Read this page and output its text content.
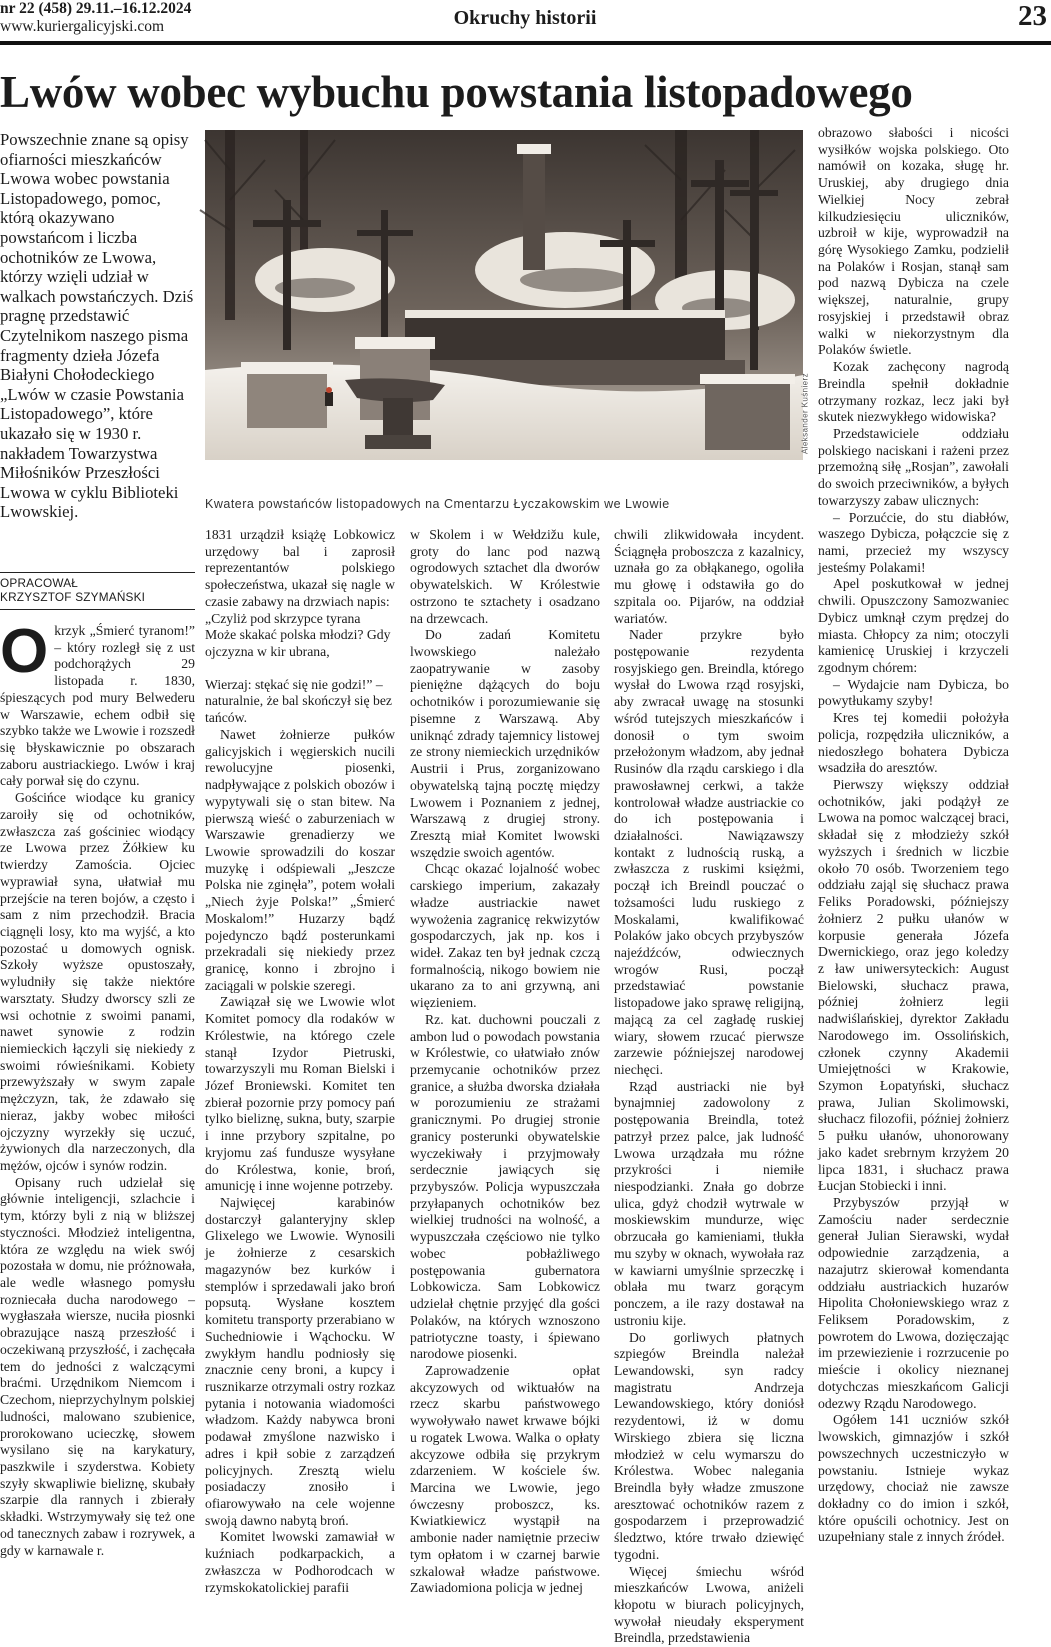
nr 22 (458) 29.11.–16.12.2024
www.kuriergalicyjski.com	Okruchy historii	23
Lwów wobec wybuchu powstania listopadowego
Powszechnie znane są opisy ofiarności mieszkańców Lwowa wobec powstania Listopadowego, pomoc, którą okazywano powstańcom i liczba ochotników ze Lwowa, którzy wzięli udział w walkach powstańczych. Dziś pragnę przedstawić Czytelnikom naszego pisma fragmenty dzieła Józefa Białyni Chołodeckiego „Lwów w czasie Powstania Listopadowego”, które ukazało się w 1930 r. nakładem Towarzystwa Miłośników Przeszłości Lwowa w cyklu Biblioteki Lwowskiej.
OPRACOWAŁ
KRZYSZTOF SZYMAŃSKI
Aleksander Kuśnierz
Kwatera powstańców listopadowych na Cmentarzu Łyczakowskim we Lwowie

Okrzyk „Śmierć tyranom!” – który rozległ się z ust podchorążych 29 listopada r. 1830, śpieszących pod mury Belwederu w Warszawie, echem odbił się szybko także we Lwowie i rozszedł się błyskawicznie po obszarach zaboru austriackiego. Lwów i kraj cały porwał się do czynu.

Gościńce wiodące ku granicy zaroiły się od ochotników, zwłaszcza zaś gościniec wiodący ze Lwowa przez Żółkiew ku twierdzy Zamościa. Ojciec wyprawiał syna, ułatwiał mu przejście na teren bojów, a często i sam z nim przechodził. Bracia ciągnęli losy, kto ma wyjść, a kto pozostać u domowych ognisk. Szkoły wyższe opustoszały, wyludniły się także niektóre warsztaty. Słudzy dworscy szli ze wsi ochotnie z swoimi panami, nawet synowie z rodzin niemieckich łączyli się niekiedy z swoimi rówieśnikami. Kobiety przewyższały w swym zapale mężczyzn, tak, że zdawało się nieraz, jakby wobec miłości ojczyzny wyrzekły się uczuć, żywionych dla narzeczonych, dla mężów, ojców i synów rodzin.

Opisany ruch udzielał się głównie inteligencji, szlachcie i tym, którzy byli z nią w bliższej styczności. Młodzież inteligentna, która ze względu na wiek swój pozostała w domu, nie próżnowała, ale wedle własnego pomysłu rozniecała ducha narodowego – wygłaszała wiersze, nuciła piosnki obrazujące naszą przeszłość i oczekiwaną przyszłość, i zachęcała tem do jedności z walczącymi braćmi. Urzędnikom Niemcom i Czechom, nieprzychylnym polskiej ludności, malowano szubienice, prorokowano ucieczkę, słowem wysilano się na karykatury, paszkwile i szyderstwa. Kobiety szyły skwapliwie bieliznę, skubały szarpie dla rannych i zbierały składki. Wstrzymywały się też one od tanecznych zabaw i rozrywek, a gdy w karnawale r.

1831 urządził książę Lobkowicz urzędowy bal i zaprosił reprezentantów polskiego społeczeństwa, ukazał się nagle w czasie zabawy na drzwiach napis:

„Czyliż pod skrzypce tyrana Może skakać polska młodzi? Gdy ojczyzna w kir ubrana,

Wierzaj: stękać się nie godzi!” – naturalnie, że bal skończył się bez tańców.

Nawet żołnierze pułków galicyjskich i węgierskich nucili rewolucyjne piosenki, nadpływające z polskich obozów i wypytywali się o stan bitew. Na pierwszą wieść o zaburzeniach w Warszawie grenadierzy we Lwowie sprowadzili do koszar muzykę i odśpiewali „Jeszcze Polska nie zginęła”, potem wołali „Niech żyje Polska!” „Śmierć Moskalom!” Huzarzy bądź pojedynczo bądź posterunkami przekradali się niekiedy przez granicę, konno i zbrojno i zaciągali w polskie szeregi.

Zawiązał się we Lwowie wlot Komitet pomocy dla rodaków w Królestwie, na którego czele stanął Izydor Pietruski, towarzyszyli mu Roman Bielski i Józef Broniewski. Komitet ten zbierał pozornie przy pomocy pań tylko bieliznę, sukna, buty, szarpie i inne przybory szpitalne, po kryjomu zaś fundusze wysyłane do Królestwa, konie, broń, amunicję i inne wojenne potrzeby.

Najwięcej karabinów dostarczył galanteryjny sklep Glixelego we Lwowie. Wynosili je żołnierze z cesarskich magazynów bez kurków i stemplów i sprzedawali jako broń popsutą. Wysłane kosztem komitetu transporty przerabiano w Suchedniowie i Wąchocku. W zwykłym handlu podniosły się znacznie ceny broni, a kupcy i rusznikarze otrzymali ostry rozkaz pytania i notowania wiadomości władzom. Każdy nabywca broni podawał zmyślone nazwisko i adres i kpił sobie z zarządzeń policyjnych. Zresztą wielu posiadaczy znosiło i ofiarowywało na cele wojenne swoją dawno nabytą broń.

Komitet lwowski zamawiał w kuźniach podkarpackich, a zwłaszcza w Podhorodcach w rzymskokatolickiej parafii

w Skolem i w Wełdzižu kule, groty do lanc pod nazwą ogrodowych sztachet dla dworów obywatelskich. W Królestwie ostrzono te sztachety i osadzano na drzewcach.

Do zadań Komitetu lwowskiego należało zaopatrywanie w zasoby pieniężne dążących do boju ochotników i porozumiewanie się pisemne z Warszawą. Aby uniknąć zdrady tajemnicy listowej ze strony niemieckich urzędników Austrii i Prus, zorganizowano obywatelską tajną pocztę między Lwowem i Poznaniem z jednej, Warszawą z drugiej strony. Zresztą miał Komitet lwowski wszędzie swoich agentów.

Chcąc okazać lojalność wobec carskiego imperium, zakazały władze austriackie nawet wywożenia zagranicę rekwizytów gospodarczych, jak np. kos i wideł. Zakaz ten był jednak czczą formalnością, nikogo bowiem nie ukarano za to ani grzywną, ani więzieniem.

Rz. kat. duchowni pouczali z ambon lud o powodach powstania w Królestwie, co ułatwiało znów przemycanie ochotników przez granice, a służba dworska działała w porozumieniu ze strażami granicznymi. Po drugiej stronie granicy posterunki obywatelskie wyczekiwały i przyjmowały serdecznie jawiących się przybyszów. Policja wypuszczała przyłapanych ochotników bez wielkiej trudności na wolność, a wypuszczała częściowo nie tylko wobec pobłażliwego postępowania gubernatora Lobkowicza. Sam Lobkowicz udzielał chętnie przyjęć dla gości Polaków, na których wznoszono patriotyczne toasty, i śpiewano narodowe piosenki.

Zaprowadzenie opłat akcyzowych od wiktuałów na rzecz skarbu państwowego wywoływało nawet krwawe bójki u rogatek Lwowa. Walka o opłaty akcyzowe odbiła się przykrym zdarzeniem. W kościele św. Marcina we Lwowie, jego ówczesny proboszcz, ks. Kwiatkiewicz wystąpił na ambonie nader namiętnie przeciw tym opłatom i w czarnej barwie szkalował władze państwowe. Zawiadomiona policja w jednej

chwili zlikwidowała incydent. Ściągnęła proboszcza z kazalnicy, uznała go za obłąkanego, ogoliła mu głowę i odstawiła go do szpitala oo. Pijarów, na oddział wariatów.

Nader przykre było postępowanie rezydenta rosyjskiego gen. Breindla, którego wysłał do Lwowa rząd rosyjski, aby zwracał uwagę na stosunki wśród tutejszych mieszkańców i donosił o tym swoim przełożonym władzom, aby jednał Rusinów dla rządu carskiego i dla prawosławnej cerkwi, a także kontrolował władze austriackie co do ich postępowania i działalności. Nawiązawszy kontakt z ludnością ruską, a zwłaszcza z ruskimi księżmi, począł ich Breindl pouczać o tożsamości ludu ruskiego z Moskalami, kwalifikować Polaków jako obcych przybyszów najeźdźców, odwiecznych wrogów Rusi, począł przedstawiać powstanie listopadowe jako sprawę religijną, mającą za cel zagładę ruskiej wiary, słowem rzucać pierwsze zarzewie późniejszej narodowej niechęci.

Rząd austriacki nie był bynajmniej zadowolony z postępowania Breindla, toteż patrzył przez palce, jak ludność Lwowa urządzała mu różne przykrości i niemiłe niespodzianki. Znała go dobrze ulica, gdyż chodził wytrwale w moskiewskim mundurze, więc obrzucała go kamieniami, tłukła mu szyby w oknach, wywołała raz w kawiarni umyślnie sprzeczkę i oblała mu twarz gorącym ponczem, a ile razy dostawał na ustroniu kije.

Do gorliwych płatnych szpiegów Breindla należał Lewandowski, syn radcy magistratu Andrzeja Lewandowskiego, który doniósł rezydentowi, iż w domu Wirskiego zbiera się liczna młodzież w celu wymarszu do Królestwa. Wobec nalegania Breindla były władze zmuszone aresztować ochotników razem z gospodarzem i przeprowadzić śledztwo, które trwało dziewięć tygodni.

Więcej śmiechu wśród mieszkańców Lwowa, aniżeli kłopotu w biurach policyjnych, wywołał nieudały eksperyment Breindla, przedstawienia

obrazowo słabości i nicości wysiłków wojska polskiego. Oto namówił on kozaka, sługę hr. Uruskiej, aby drugiego dnia Wielkiej Nocy zebrał kilkudziesięciu uliczników, uzbroił w kije, wyprowadził na górę Wysokiego Zamku, podzielił na Polaków i Rosjan, stanął sam pod nazwą Dybicza na czele większej, naturalnie, grupy rosyjskiej i przedstawił obraz walki w niekorzystnym dla Polaków świetle.

Kozak zachęcony nagrodą Breindla spełnił dokładnie otrzymany rozkaz, lecz jaki był skutek niezwykłego widowiska?

Przedstawiciele oddziału polskiego naciskani i rażeni przez przemożną siłę „Rosjan”, zawołali do swoich przeciwników, a byłych towarzyszy zabaw ulicznych:

– Porzućcie, do stu diabłów, waszego Dybicza, połączcie się z nami, przecież my wszyscy jesteśmy Polakami!

Apel poskutkował w jednej chwili. Opuszczony Samozwaniec Dybicz umknął czym prędzej do miasta. Chłopcy za nim; otoczyli kamienicę Uruskiej i krzyczeli zgodnym chórem:

– Wydajcie nam Dybicza, bo powytłukamy szyby!

Kres tej komedii położyła policja, rozpędziła uliczników, a niedoszłego bohatera Dybicza wsadziła do aresztów.

Pierwszy większy oddział ochotników, jaki podążył ze Lwowa na pomoc walczącej braci, składał się z młodzieży szkół wyższych i średnich w liczbie około 70 osób. Tworzeniem tego oddziału zająl się słuchacz prawa Feliks Poradowski, późniejszy żołnierz 2 pułku ułanów w korpusie generała Józefa Dwernickiego, oraz jego koledzy z ław uniwersyteckich: August Bielowski, słuchacz prawa, później żołnierz legii nadwiślańskiej, dyrektor Zakładu Narodowego im. Ossolińskich, członek czynny Akademii Umiejętności w Krakowie, Szymon Łopatyński, słuchacz prawa, Julian Skolimowski, słuchacz filozofii, później żołnierz 5 pułku ułanów, uhonorowany jako kadet srebrnym krzyżem 20 lipca 1831, i słuchacz prawa Łucjan Stobiecki i inni.

Przybyszów przyjął w Zamościu nader serdecznie generał Julian Sierawski, wydał odpowiednie zarządzenia, a nazajutrz skierował komendanta oddziału austriackich huzarów Hipolita Chołoniewskiego wraz z Feliksem Poradowskim, z powrotem do Lwowa, dozięczając im przewiezienie i rozrzucenie po mieście i okolicy nieznanej dotychczas mieszkańcom Galicji odezwy Rządu Narodowego.

Ogółem 141 uczniów szkół lwowskich, gimnazjów i szkół powszechnych uczestniczyło w powstaniu. Istnieje wykaz urzędowy, chociaż nie zawsze dokładny co do imion i szkół, które opuścili ochotnicy. Jest on uzupełniany stale z innych źródeł.
